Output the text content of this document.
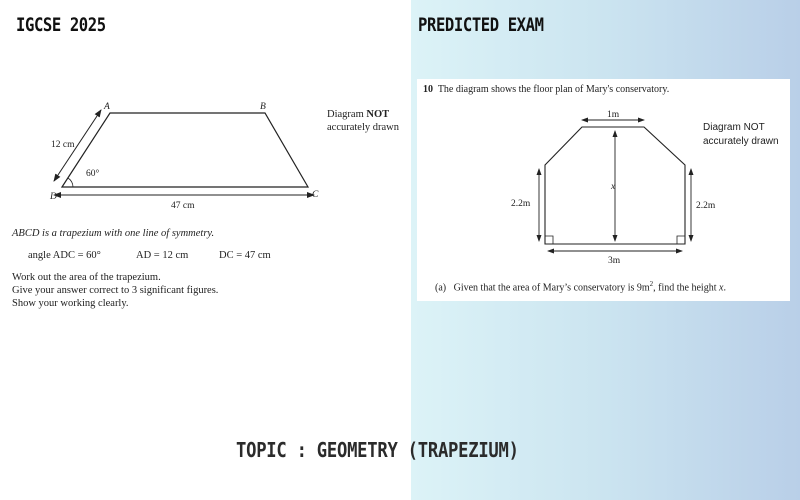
IGCSE 2025	PREDICTED EXAM
A	B
C
D
12 cm
60°
47 cm
Diagram NOT
accurately drawn
ABCD is a trapezium with one line of symmetry.
angle ADC = 60°	AD = 12 cm	DC = 47 cm
Work out the area of the trapezium.
Give your answer correct to 3 significant figures.
Show your working clearly.
10 The diagram shows the floor plan of Mary's conservatory.
1m
x
2.2m	2.2m
3m
Diagram NOT
accurately drawn
(a) Given that the area of Mary’s conservatory is $9m^2$, find the height x.
TOPIC : GEOMETRY (TRAPEZIUM)
